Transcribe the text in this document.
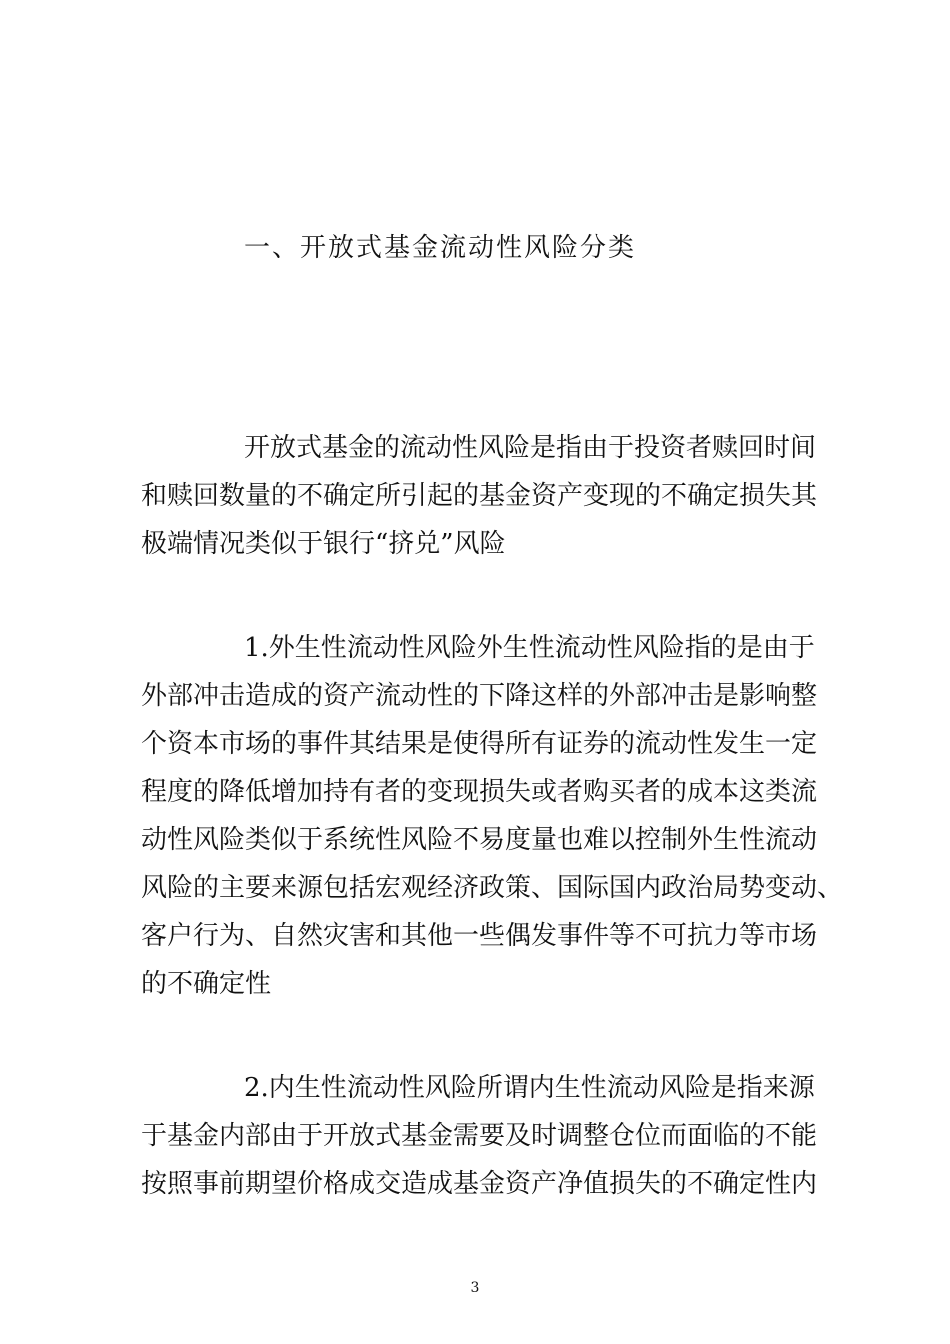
一、开放式基金流动性风险分类
开放式基金的流动性风险是指由于投资者赎回时间
和赎回数量的不确定所引起的基金资产变现的不确定损失其
极端情况类似于银行“挤兑”风险
1.外生性流动性风险外生性流动性风险指的是由于
外部冲击造成的资产流动性的下降这样的外部冲击是影响整
个资本市场的事件其结果是使得所有证券的流动性发生一定
程度的降低增加持有者的变现损失或者购买者的成本这类流
动性风险类似于系统性风险不易度量也难以控制外生性流动
风险的主要来源包括宏观经济政策、国际国内政治局势变动、
客户行为、自然灾害和其他一些偶发事件等不可抗力等市场
的不确定性
2.内生性流动性风险所谓内生性流动风险是指来源
于基金内部由于开放式基金需要及时调整仓位而面临的不能
按照事前期望价格成交造成基金资产净值损失的不确定性内
3
